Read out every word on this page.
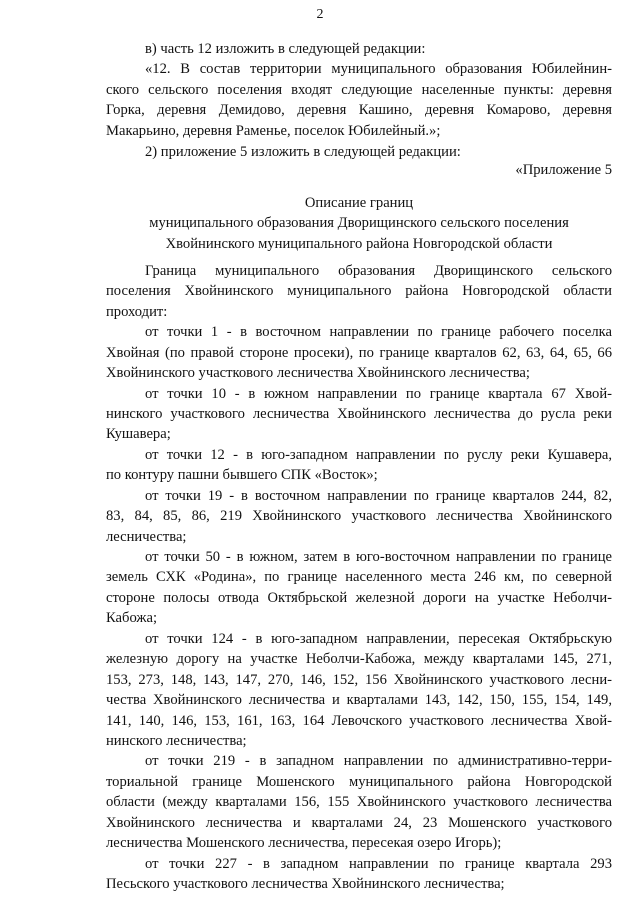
2
в) часть 12 изложить в следующей редакции:
«12. В состав территории муниципального образования Юбилейнин-
ского сельского поселения входят следующие населенные пункты: деревня
Горка, деревня Демидово, деревня Кашино, деревня Комарово, деревня
Макарьино, деревня Раменье, поселок Юбилейный.»;
2) приложение 5 изложить в следующей редакции:
«Приложение 5
Описание границ
муниципального образования Дворищинского сельского поселения
Хвойнинского муниципального района Новгородской области
Граница муниципального образования Дворищинского сельского
поселения Хвойнинского муниципального района Новгородской области
проходит:
от точки 1 - в восточном направлении по границе рабочего поселка
Хвойная (по правой стороне просеки), по границе кварталов 62, 63, 64, 65, 66
Хвойнинского участкового лесничества Хвойнинского лесничества;
от точки 10 - в южном направлении по границе квартала 67 Хвой-
нинского участкового лесничества Хвойнинского лесничества до русла реки
Кушавера;
от точки 12 - в юго-западном направлении по руслу реки Кушавера,
по контуру пашни бывшего СПК «Восток»;
от точки 19 - в восточном направлении по границе кварталов 244, 82,
83, 84, 85, 86, 219 Хвойнинского участкового лесничества Хвойнинского
лесничества;
от точки 50 - в южном, затем в юго-восточном направлении по границе
земель СХК «Родина», по границе населенного места 246 км, по северной
стороне полосы отвода Октябрьской железной дороги на участке Неболчи-
Кабожа;
от точки 124 - в юго-западном направлении, пересекая Октябрьскую
железную дорогу на участке Неболчи-Кабожа, между кварталами 145, 271,
153, 273, 148, 143, 147, 270, 146, 152, 156 Хвойнинского участкового лесни-
чества Хвойнинского лесничества и кварталами 143, 142, 150, 155, 154, 149,
141, 140, 146, 153, 161, 163, 164 Левочского участкового лесничества Хвой-
нинского лесничества;
от точки 219 - в западном направлении по административно-терри-
ториальной границе Мошенского муниципального района Новгородской
области (между кварталами 156, 155 Хвойнинского участкового лесничества
Хвойнинского лесничества и кварталами 24, 23 Мошенского участкового
лесничества Мошенского лесничества, пересекая озеро Игорь);
от точки 227 - в западном направлении по границе квартала 293
Песьского участкового лесничества Хвойнинского лесничества;
